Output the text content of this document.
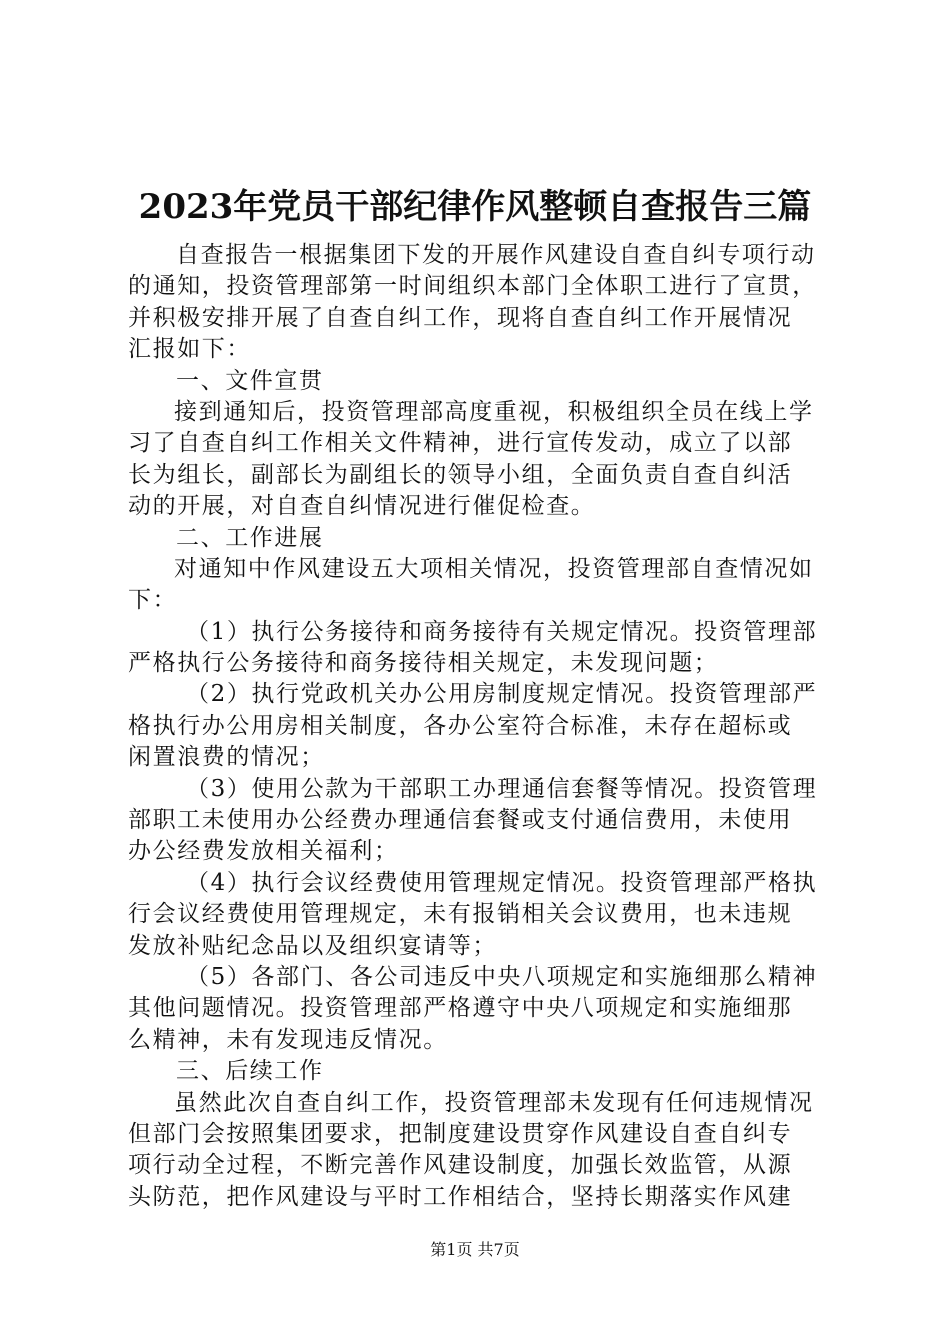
2023年党员干部纪律作风整顿自查报告三篇
自查报告一根据集团下发的开展作风建设自查自纠专项行动
的通知，投资管理部第一时间组织本部门全体职工进行了宣贯，
并积极安排开展了自查自纠工作，现将自查自纠工作开展情况
汇报如下：
一、文件宣贯
接到通知后，投资管理部高度重视，积极组织全员在线上学
习了自查自纠工作相关文件精神，进行宣传发动，成立了以部
长为组长，副部长为副组长的领导小组，全面负责自查自纠活
动的开展，对自查自纠情况进行催促检查。
二、工作进展
对通知中作风建设五大项相关情况，投资管理部自查情况如
下：
（1）执行公务接待和商务接待有关规定情况。投资管理部
严格执行公务接待和商务接待相关规定，未发现问题；
（2）执行党政机关办公用房制度规定情况。投资管理部严
格执行办公用房相关制度，各办公室符合标准，未存在超标或
闲置浪费的情况；
（3）使用公款为干部职工办理通信套餐等情况。投资管理
部职工未使用办公经费办理通信套餐或支付通信费用，未使用
办公经费发放相关福利；
（4）执行会议经费使用管理规定情况。投资管理部严格执
行会议经费使用管理规定，未有报销相关会议费用，也未违规
发放补贴纪念品以及组织宴请等；
（5）各部门、各公司违反中央八项规定和实施细那么精神
其他问题情况。投资管理部严格遵守中央八项规定和实施细那
么精神，未有发现违反情况。
三、后续工作
虽然此次自查自纠工作，投资管理部未发现有任何违规情况
但部门会按照集团要求，把制度建设贯穿作风建设自查自纠专
项行动全过程，不断完善作风建设制度，加强长效监管，从源
头防范，把作风建设与平时工作相结合，坚持长期落实作风建
第1页 共7页
